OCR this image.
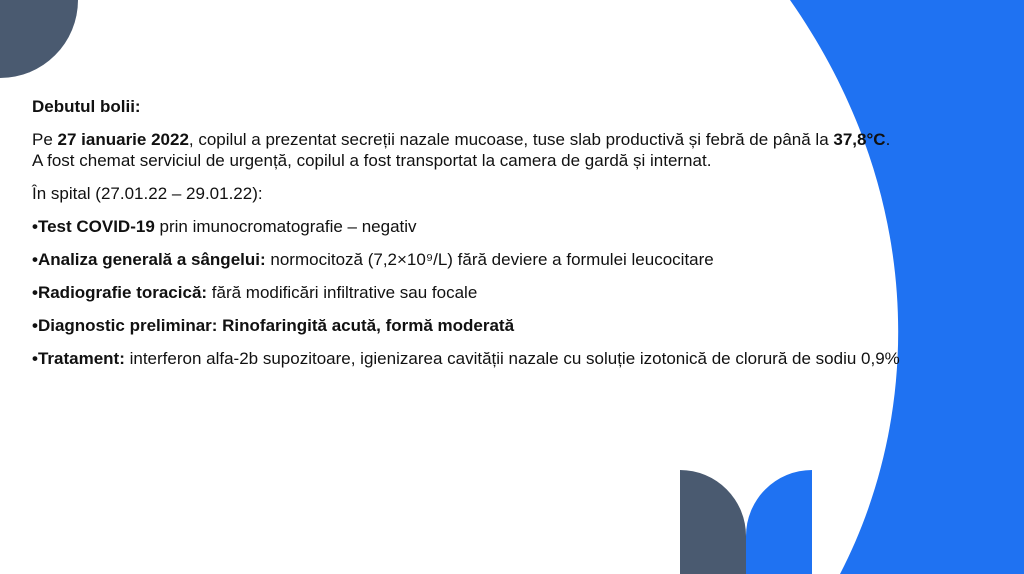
Debutul bolii:

Pe 27 ianuarie 2022, copilul a prezentat secreții nazale mucoase, tuse slab productivă și febră de până la 37,8°C. A fost chemat serviciul de urgență, copilul a fost transportat la camera de gardă și internat.

În spital (27.01.22 – 29.01.22):

•Test COVID-19 prin imunocromatografie – negativ

•Analiza generală a sângelui: normocitoză (7,2×10⁹/L) fără deviere a formulei leucocitare

•Radiografie toracică: fără modificări infiltrative sau focale

•Diagnostic preliminar: Rinofaringită acută, formă moderată

•Tratament: interferon alfa-2b supozitoare, igienizarea cavității nazale cu soluție izotonică de clorură de sodiu 0,9%
